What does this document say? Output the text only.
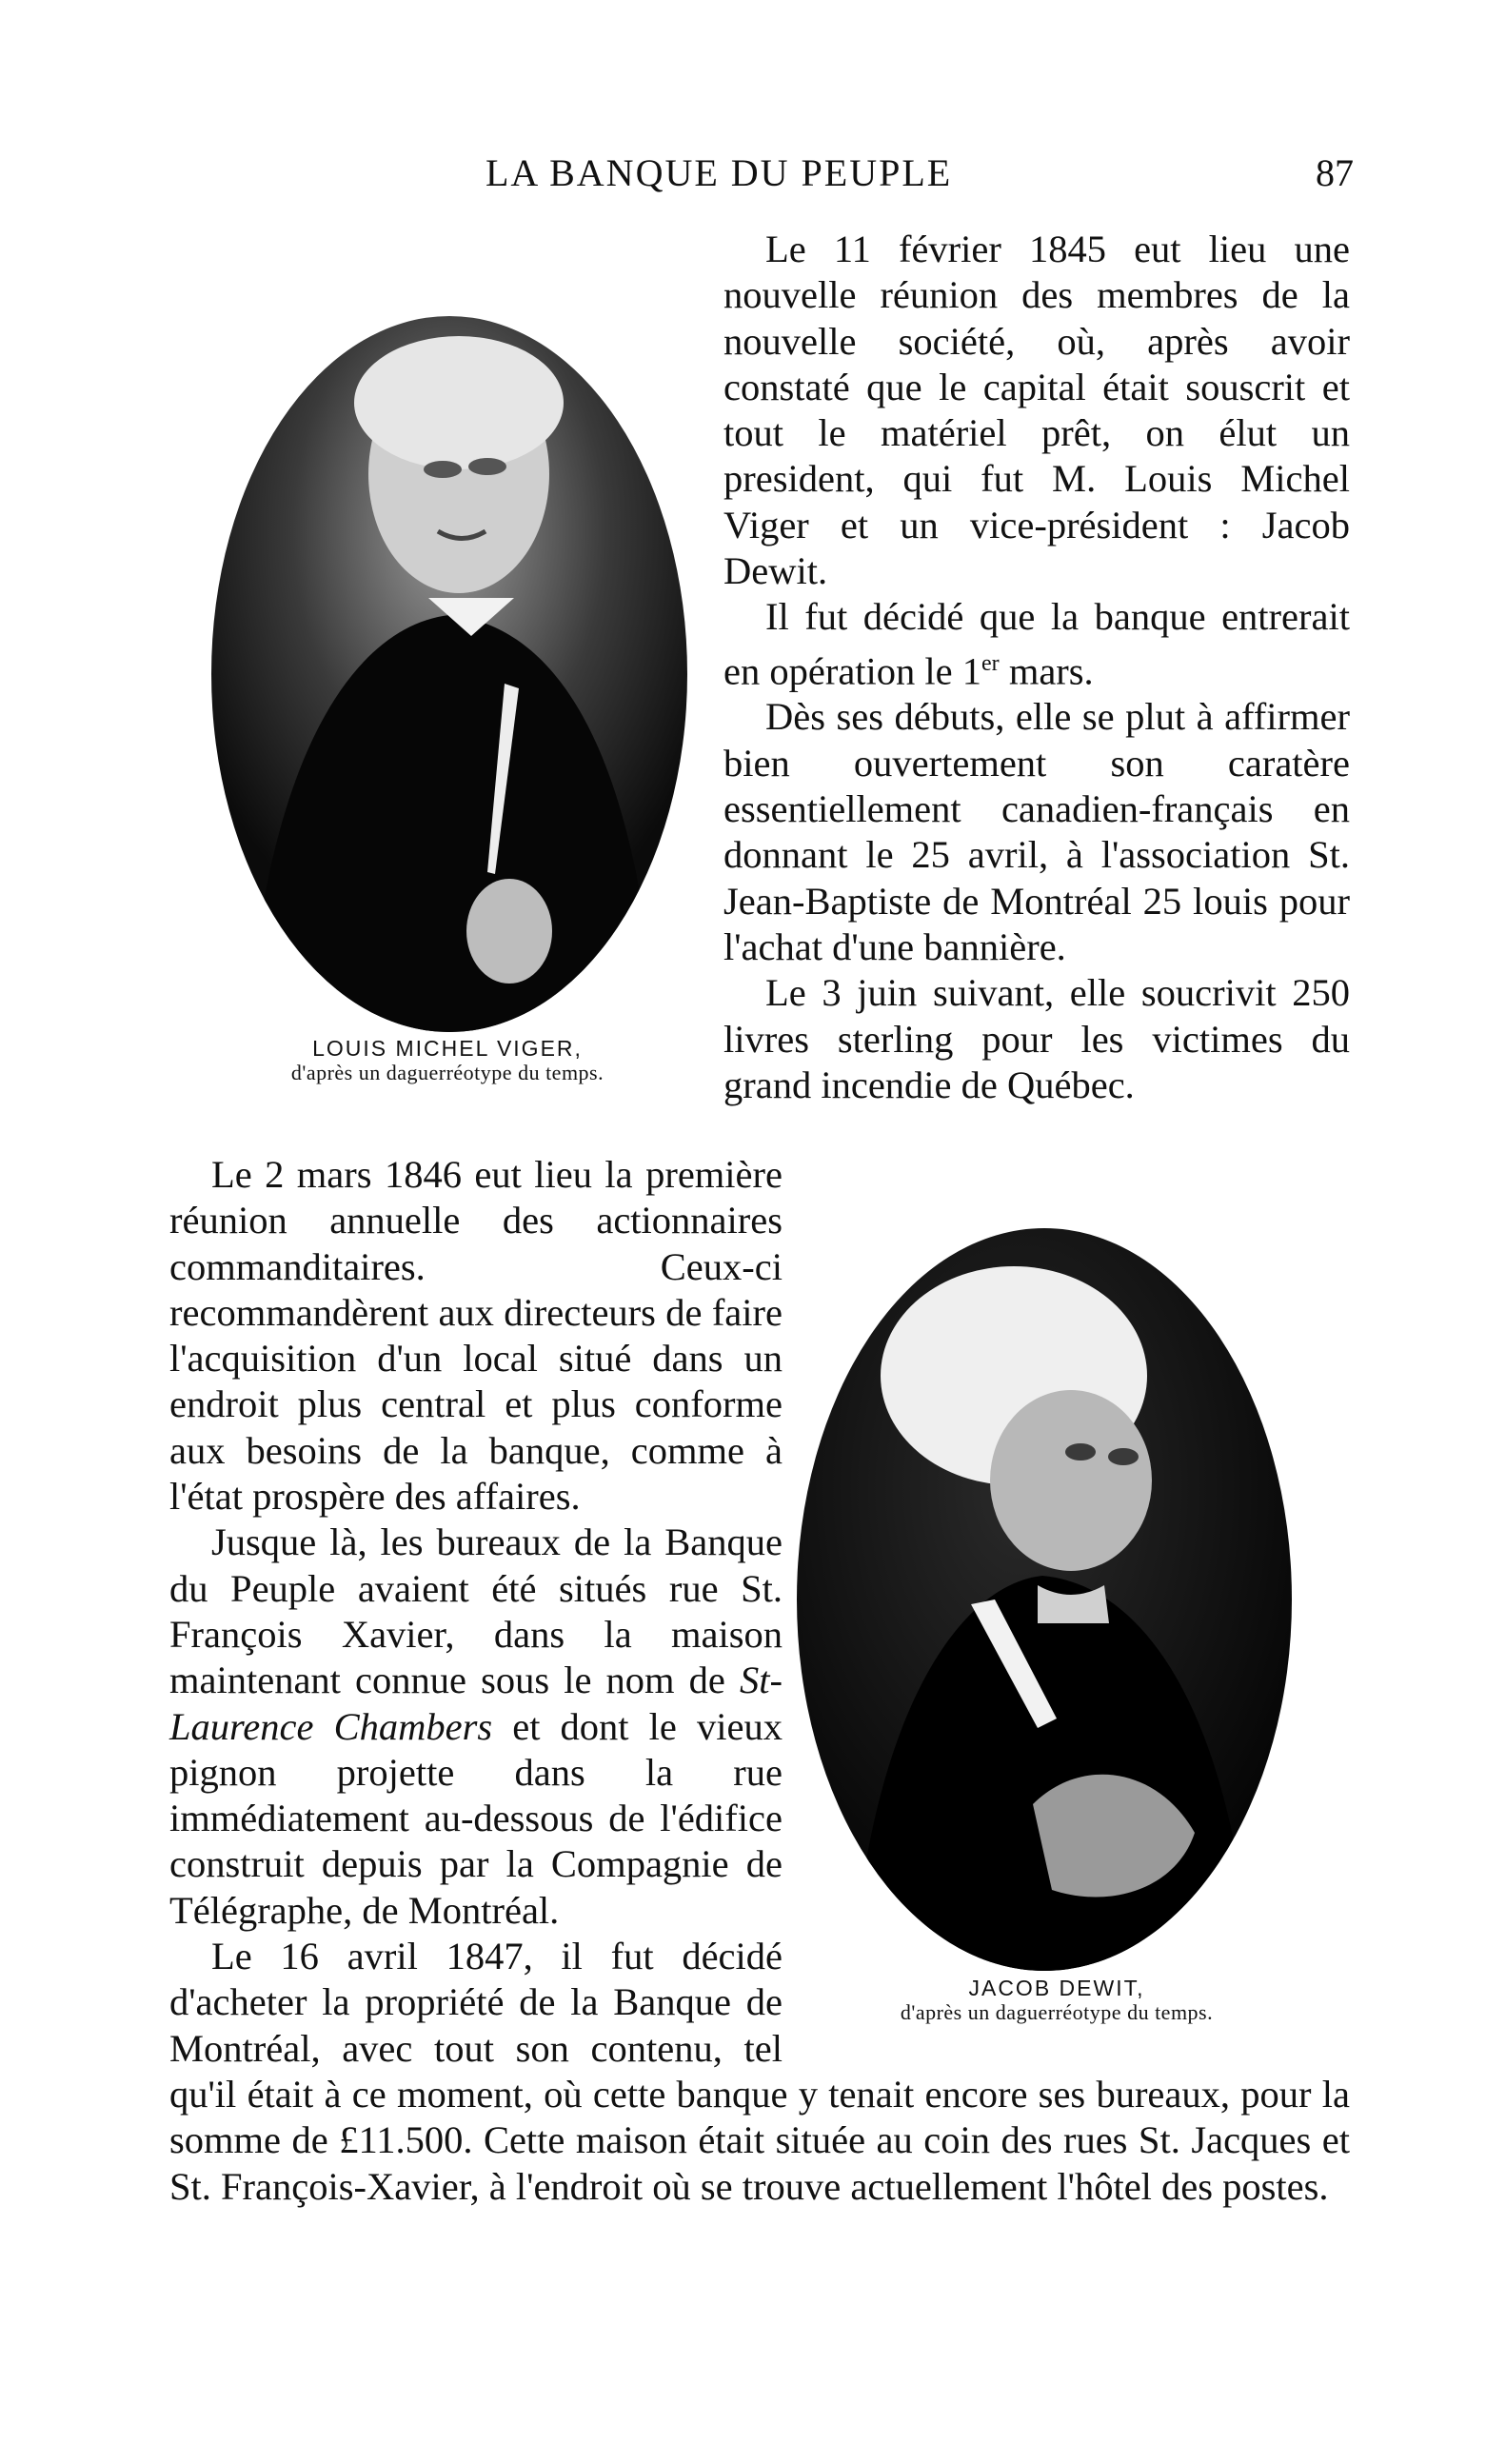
LA BANQUE DU PEUPLE	87
LOUIS MICHEL VIGER,
d'après un daguerréotype du temps.
JACOB DEWIT,
d'après un daguerréotype du temps.

Le 11 février 1845 eut lieu une nouvelle réunion des membres de la nouvelle société, où, après avoir constaté que le capital était souscrit et tout le matériel prêt, on élut un president, qui fut M. Louis Michel Viger et un vice-président : Jacob Dewit.

Il fut décidé que la banque entrerait en opération le 1er mars.

Dès ses débuts, elle se plut à affirmer bien ouvertement son caratère essentiellement canadien-français en donnant le 25 avril, à l'association St. Jean-Baptiste de Montréal 25 louis pour l'achat d'une bannière.

Le 3 juin suivant, elle soucrivit 250 livres sterling pour les victimes du grand incendie de Québec.

Le 2 mars 1846 eut lieu la première réunion annuelle des actionnaires commanditaires. Ceux-ci recommandèrent aux directeurs de faire l'acquisition d'un local situé dans un endroit plus central et plus conforme aux besoins de la banque, comme à l'état prospère des affaires.

Jusque là, les bureaux de la Banque du Peuple avaient été situés rue St. François Xavier, dans la maison maintenant connue sous le nom de St-Laurence Chambers et dont le vieux pignon projette dans la rue immédiatement au-dessous de l'édifice construit depuis par la Compagnie de Télégraphe, de Montréal.

Le 16 avril 1847, il fut décidé d'acheter la propriété de la Banque de Montréal, avec tout son contenu, tel qu'il était à ce moment, où cette banque y tenait encore ses bureaux, pour la somme de £11.500. Cette maison était située au coin des rues St. Jacques et St. François-Xavier, à l'endroit où se trouve actuellement l'hôtel des postes.
